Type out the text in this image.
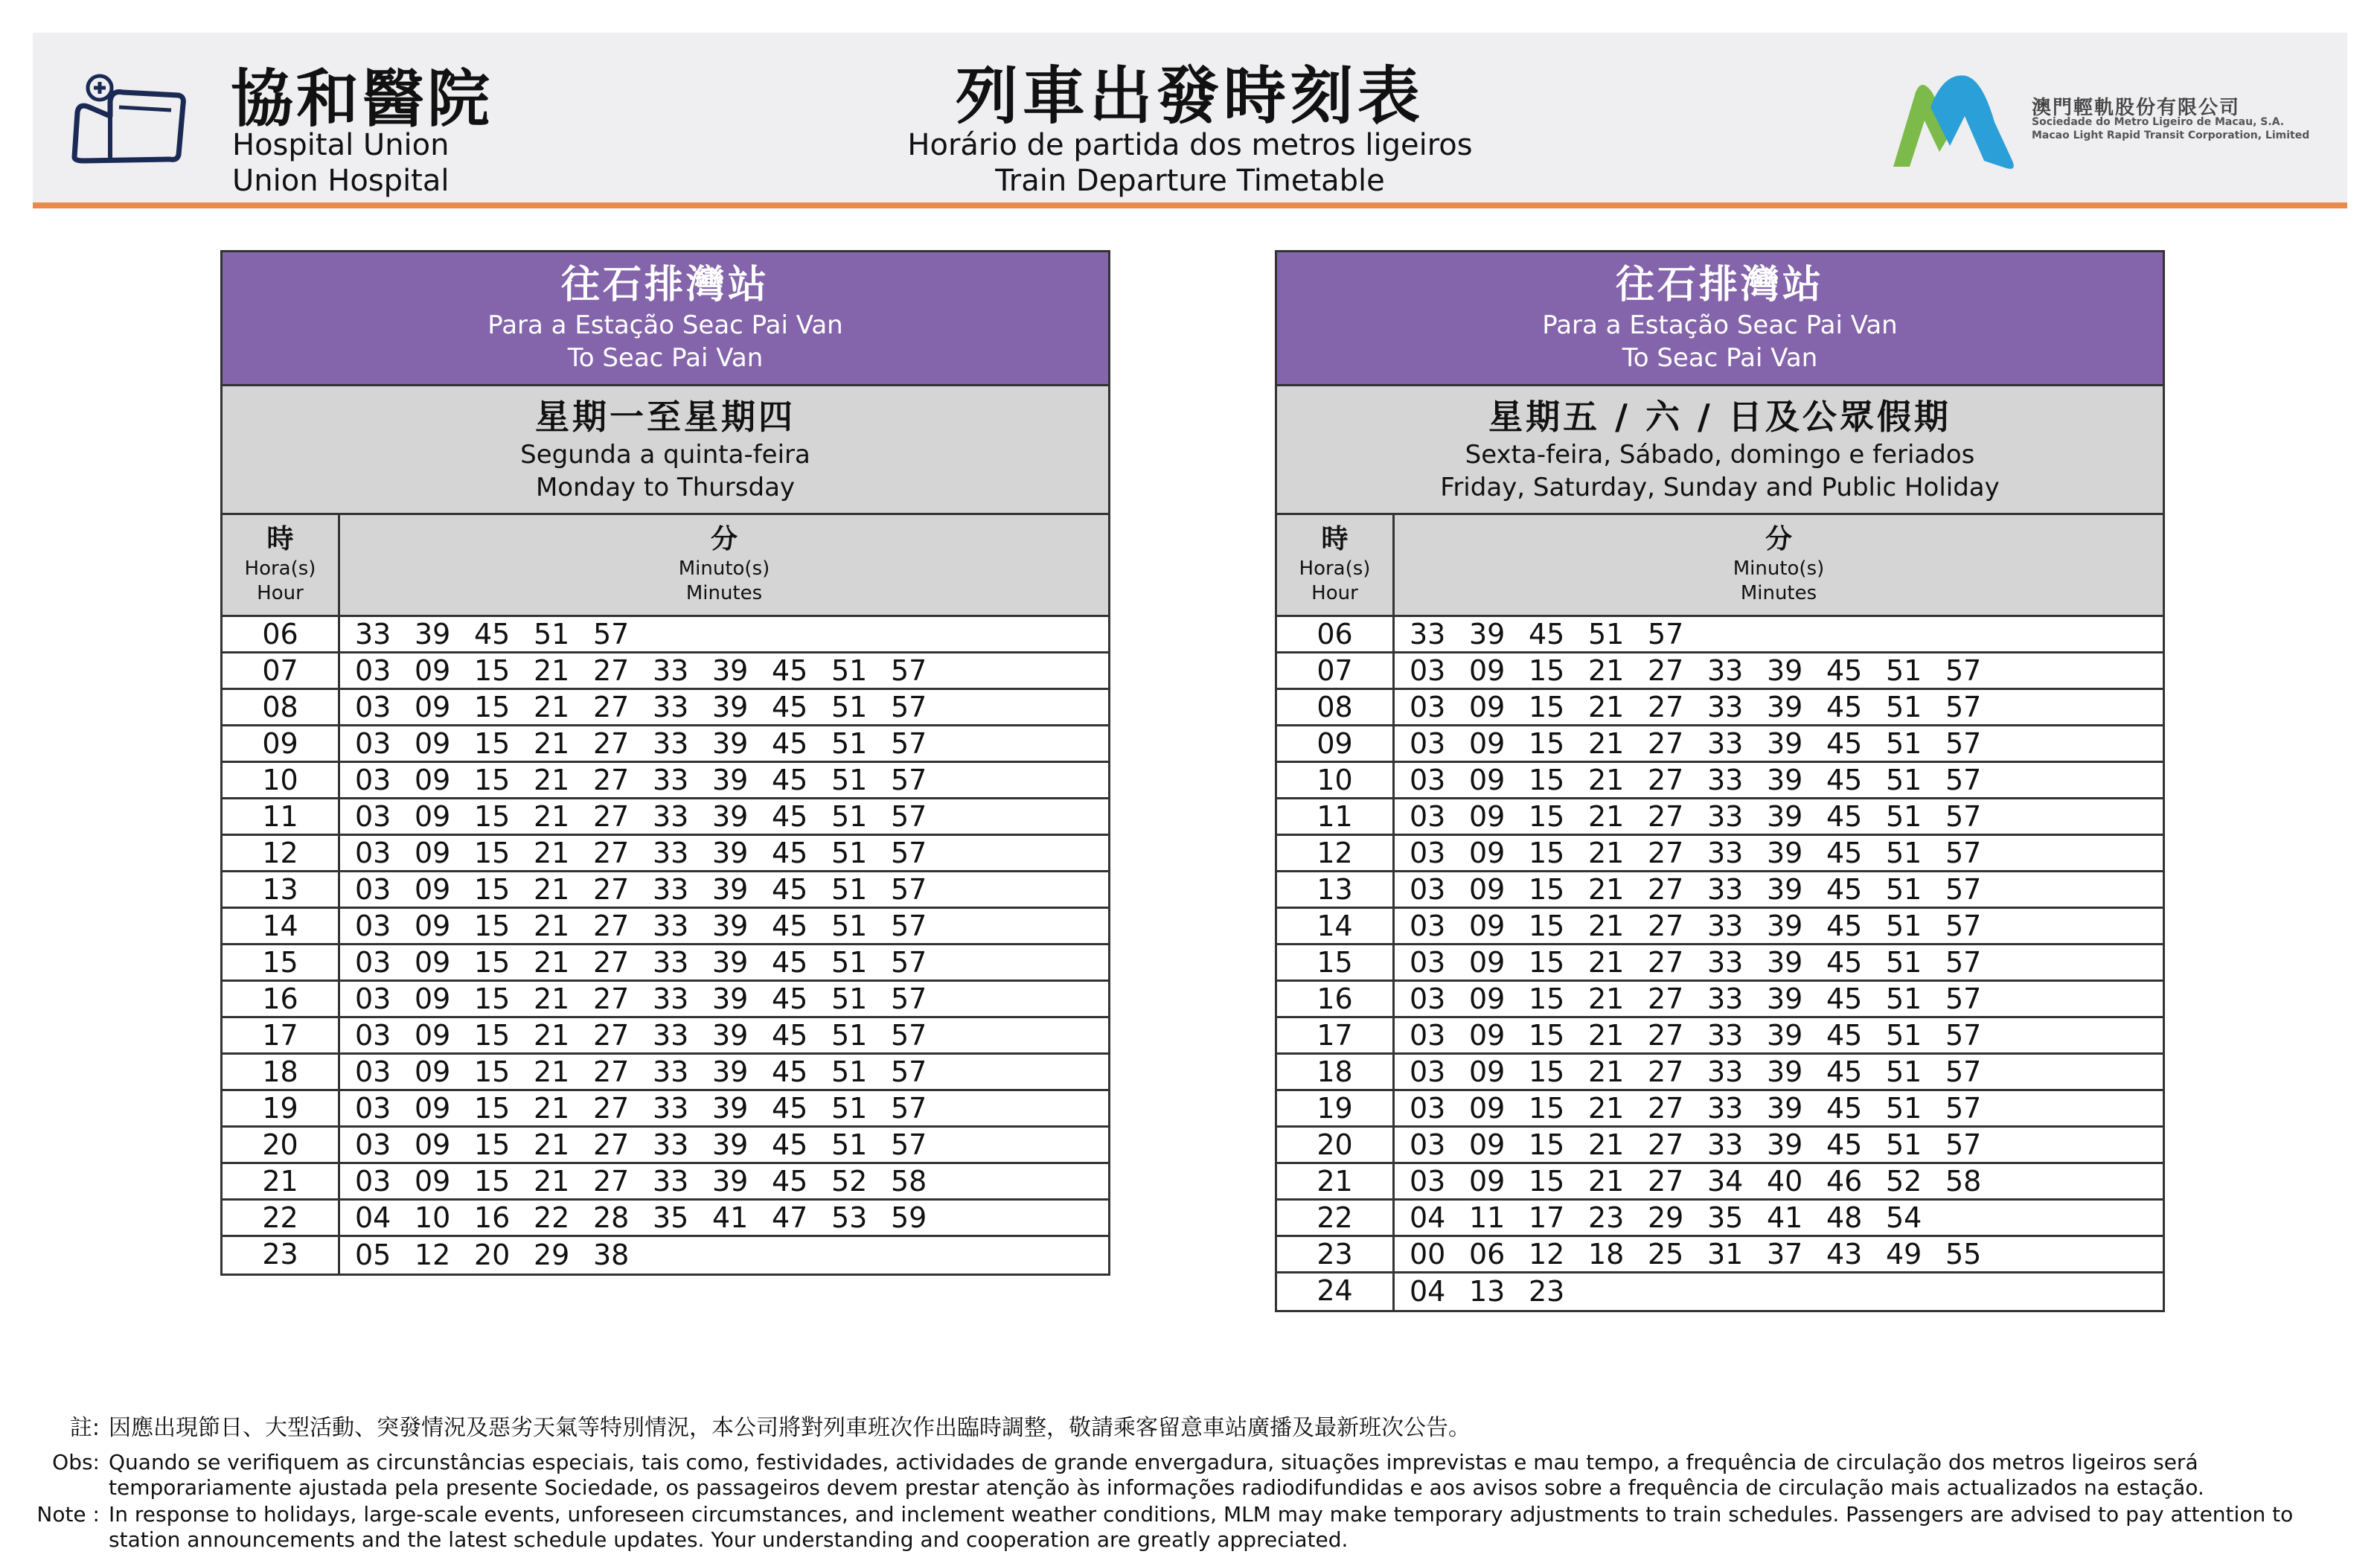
協和醫院
Hospital Union
Union Hospital
列車出發時刻表
Horário de partida dos metros ligeiros
Train Departure Timetable
澳門輕軌股份有限公司
Sociedade do Metro Ligeiro de Macau, S.A.
Macao Light Rapid Transit Corporation, Limited
往石排灣站
Para a Estação Seac Pai Van
To Seac Pai Van
星期一至星期四
Segunda a quinta-feira
Monday to Thursday
時
Hora(s)
Hour
分
Minuto(s)
Minutes
06	33 39 45 51 57
07	03 09 15 21 27 33 39 45 51 57
08	03 09 15 21 27 33 39 45 51 57
09	03 09 15 21 27 33 39 45 51 57
10	03 09 15 21 27 33 39 45 51 57
11	03 09 15 21 27 33 39 45 51 57
12	03 09 15 21 27 33 39 45 51 57
13	03 09 15 21 27 33 39 45 51 57
14	03 09 15 21 27 33 39 45 51 57
15	03 09 15 21 27 33 39 45 51 57
16	03 09 15 21 27 33 39 45 51 57
17	03 09 15 21 27 33 39 45 51 57
18	03 09 15 21 27 33 39 45 51 57
19	03 09 15 21 27 33 39 45 51 57
20	03 09 15 21 27 33 39 45 51 57
21	03 09 15 21 27 33 39 45 52 58
22	04 10 16 22 28 35 41 47 53 59
23	05 12 20 29 38
往石排灣站
Para a Estação Seac Pai Van
To Seac Pai Van
星期五 / 六 / 日及公眾假期
Sexta-feira, Sábado, domingo e feriados
Friday, Saturday, Sunday and Public Holiday
時
Hora(s)
Hour
分
Minuto(s)
Minutes
06	33 39 45 51 57
07	03 09 15 21 27 33 39 45 51 57
08	03 09 15 21 27 33 39 45 51 57
09	03 09 15 21 27 33 39 45 51 57
10	03 09 15 21 27 33 39 45 51 57
11	03 09 15 21 27 33 39 45 51 57
12	03 09 15 21 27 33 39 45 51 57
13	03 09 15 21 27 33 39 45 51 57
14	03 09 15 21 27 33 39 45 51 57
15	03 09 15 21 27 33 39 45 51 57
16	03 09 15 21 27 33 39 45 51 57
17	03 09 15 21 27 33 39 45 51 57
18	03 09 15 21 27 33 39 45 51 57
19	03 09 15 21 27 33 39 45 51 57
20	03 09 15 21 27 33 39 45 51 57
21	03 09 15 21 27 34 40 46 52 58
22	04 11 17 23 29 35 41 48 54
23	00 06 12 18 25 31 37 43 49 55
24	04 13 23
註: 因應出現節日、大型活動、突發情況及惡劣天氣等特別情況，本公司將對列車班次作出臨時調整，敬請乘客留意車站廣播及最新班次公告。
Obs: Quando se verifiquem as circunstâncias especiais, tais como, festividades, actividades de grande envergadura, situações imprevistas e mau tempo, a frequência de circulação dos metros ligeiros será temporariamente ajustada pela presente Sociedade, os passageiros devem prestar atenção às informações radiodifundidas e aos avisos sobre a frequência de circulação mais actualizados na estação.
Note : In response to holidays, large-scale events, unforeseen circumstances, and inclement weather conditions, MLM may make temporary adjustments to train schedules. Passengers are advised to pay attention to station announcements and the latest schedule updates. Your understanding and cooperation are greatly appreciated.
